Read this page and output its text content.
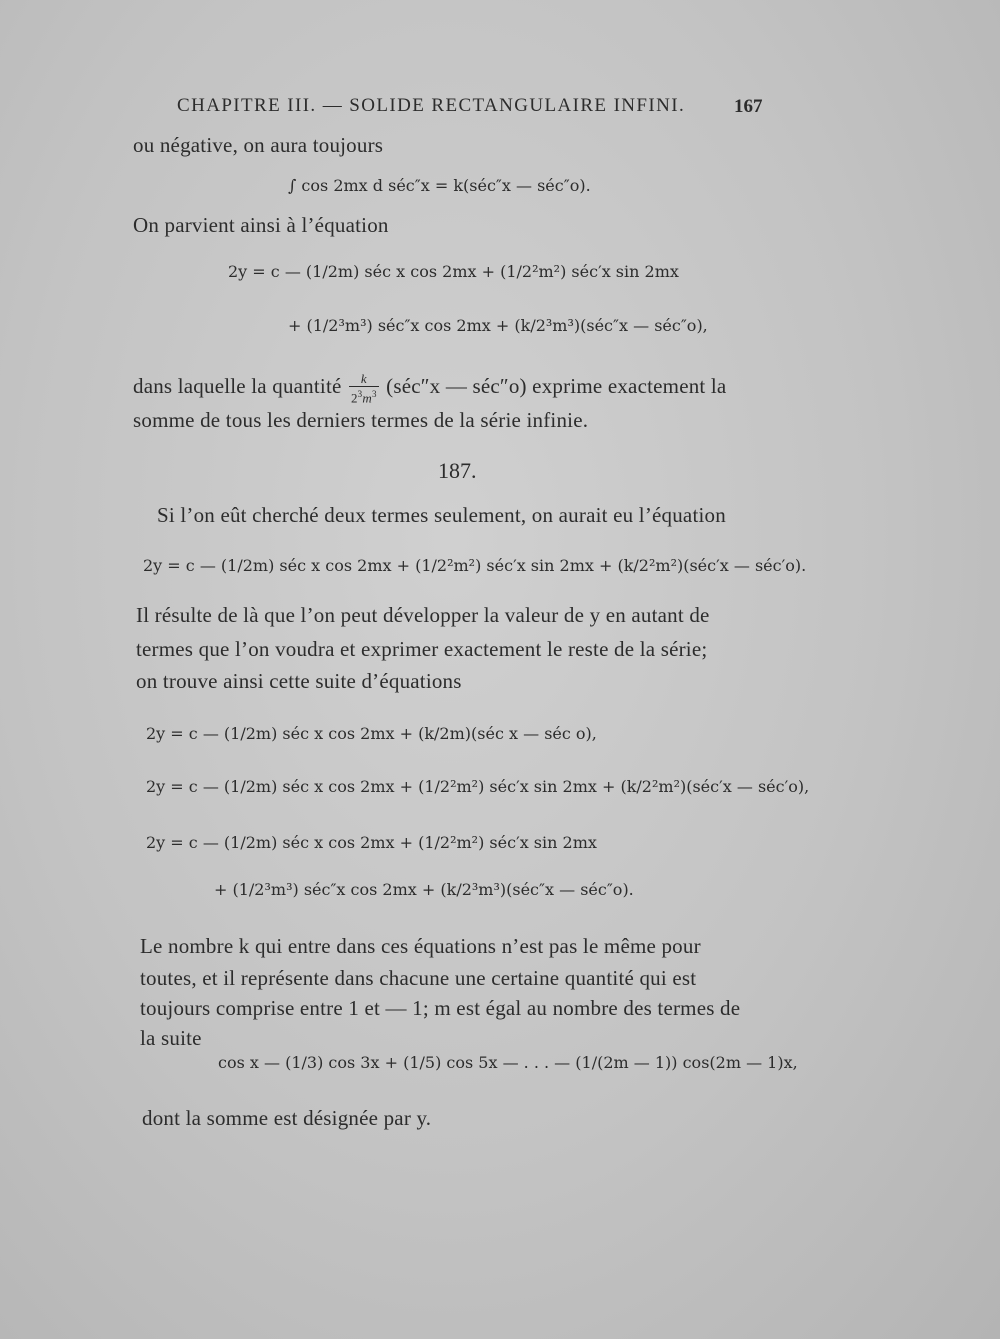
CHAPITRE III. — SOLIDE RECTANGULAIRE INFINI.	167
ou négative, on aura toujours
∫ cos 2mx d séc″x = k(séc″x — séc″o).
On parvient ainsi à l’équation
2y = c — (1/2m) séc x cos 2mx + (1/2²m²) séc′x sin 2mx
+ (1/2³m³) séc″x cos 2mx + (k/2³m³)(séc″x — séc″o),
dans laquelle la quantité $\frac{k}{2^3m^3}$ (séc″x — séc″o) exprime exactement la
somme de tous les derniers termes de la série infinie.
187.
Si l’on eût cherché deux termes seulement, on aurait eu l’équation
2y = c — (1/2m) séc x cos 2mx + (1/2²m²) séc′x sin 2mx + (k/2²m²)(séc′x — séc′o).
Il résulte de là que l’on peut développer la valeur de y en autant de
termes que l’on voudra et exprimer exactement le reste de la série;
on trouve ainsi cette suite d’équations
2y = c — (1/2m) séc x cos 2mx + (k/2m)(séc x — séc o),
2y = c — (1/2m) séc x cos 2mx + (1/2²m²) séc′x sin 2mx + (k/2²m²)(séc′x — séc′o),
2y = c — (1/2m) séc x cos 2mx + (1/2²m²) séc′x sin 2mx
+ (1/2³m³) séc″x cos 2mx + (k/2³m³)(séc″x — séc″o).
Le nombre k qui entre dans ces équations n’est pas le même pour
toutes, et il représente dans chacune une certaine quantité qui est
toujours comprise entre 1 et — 1; m est égal au nombre des termes de
la suite
cos x — (1/3) cos 3x + (1/5) cos 5x — . . . — (1/(2m — 1)) cos(2m — 1)x,
dont la somme est désignée par y.
